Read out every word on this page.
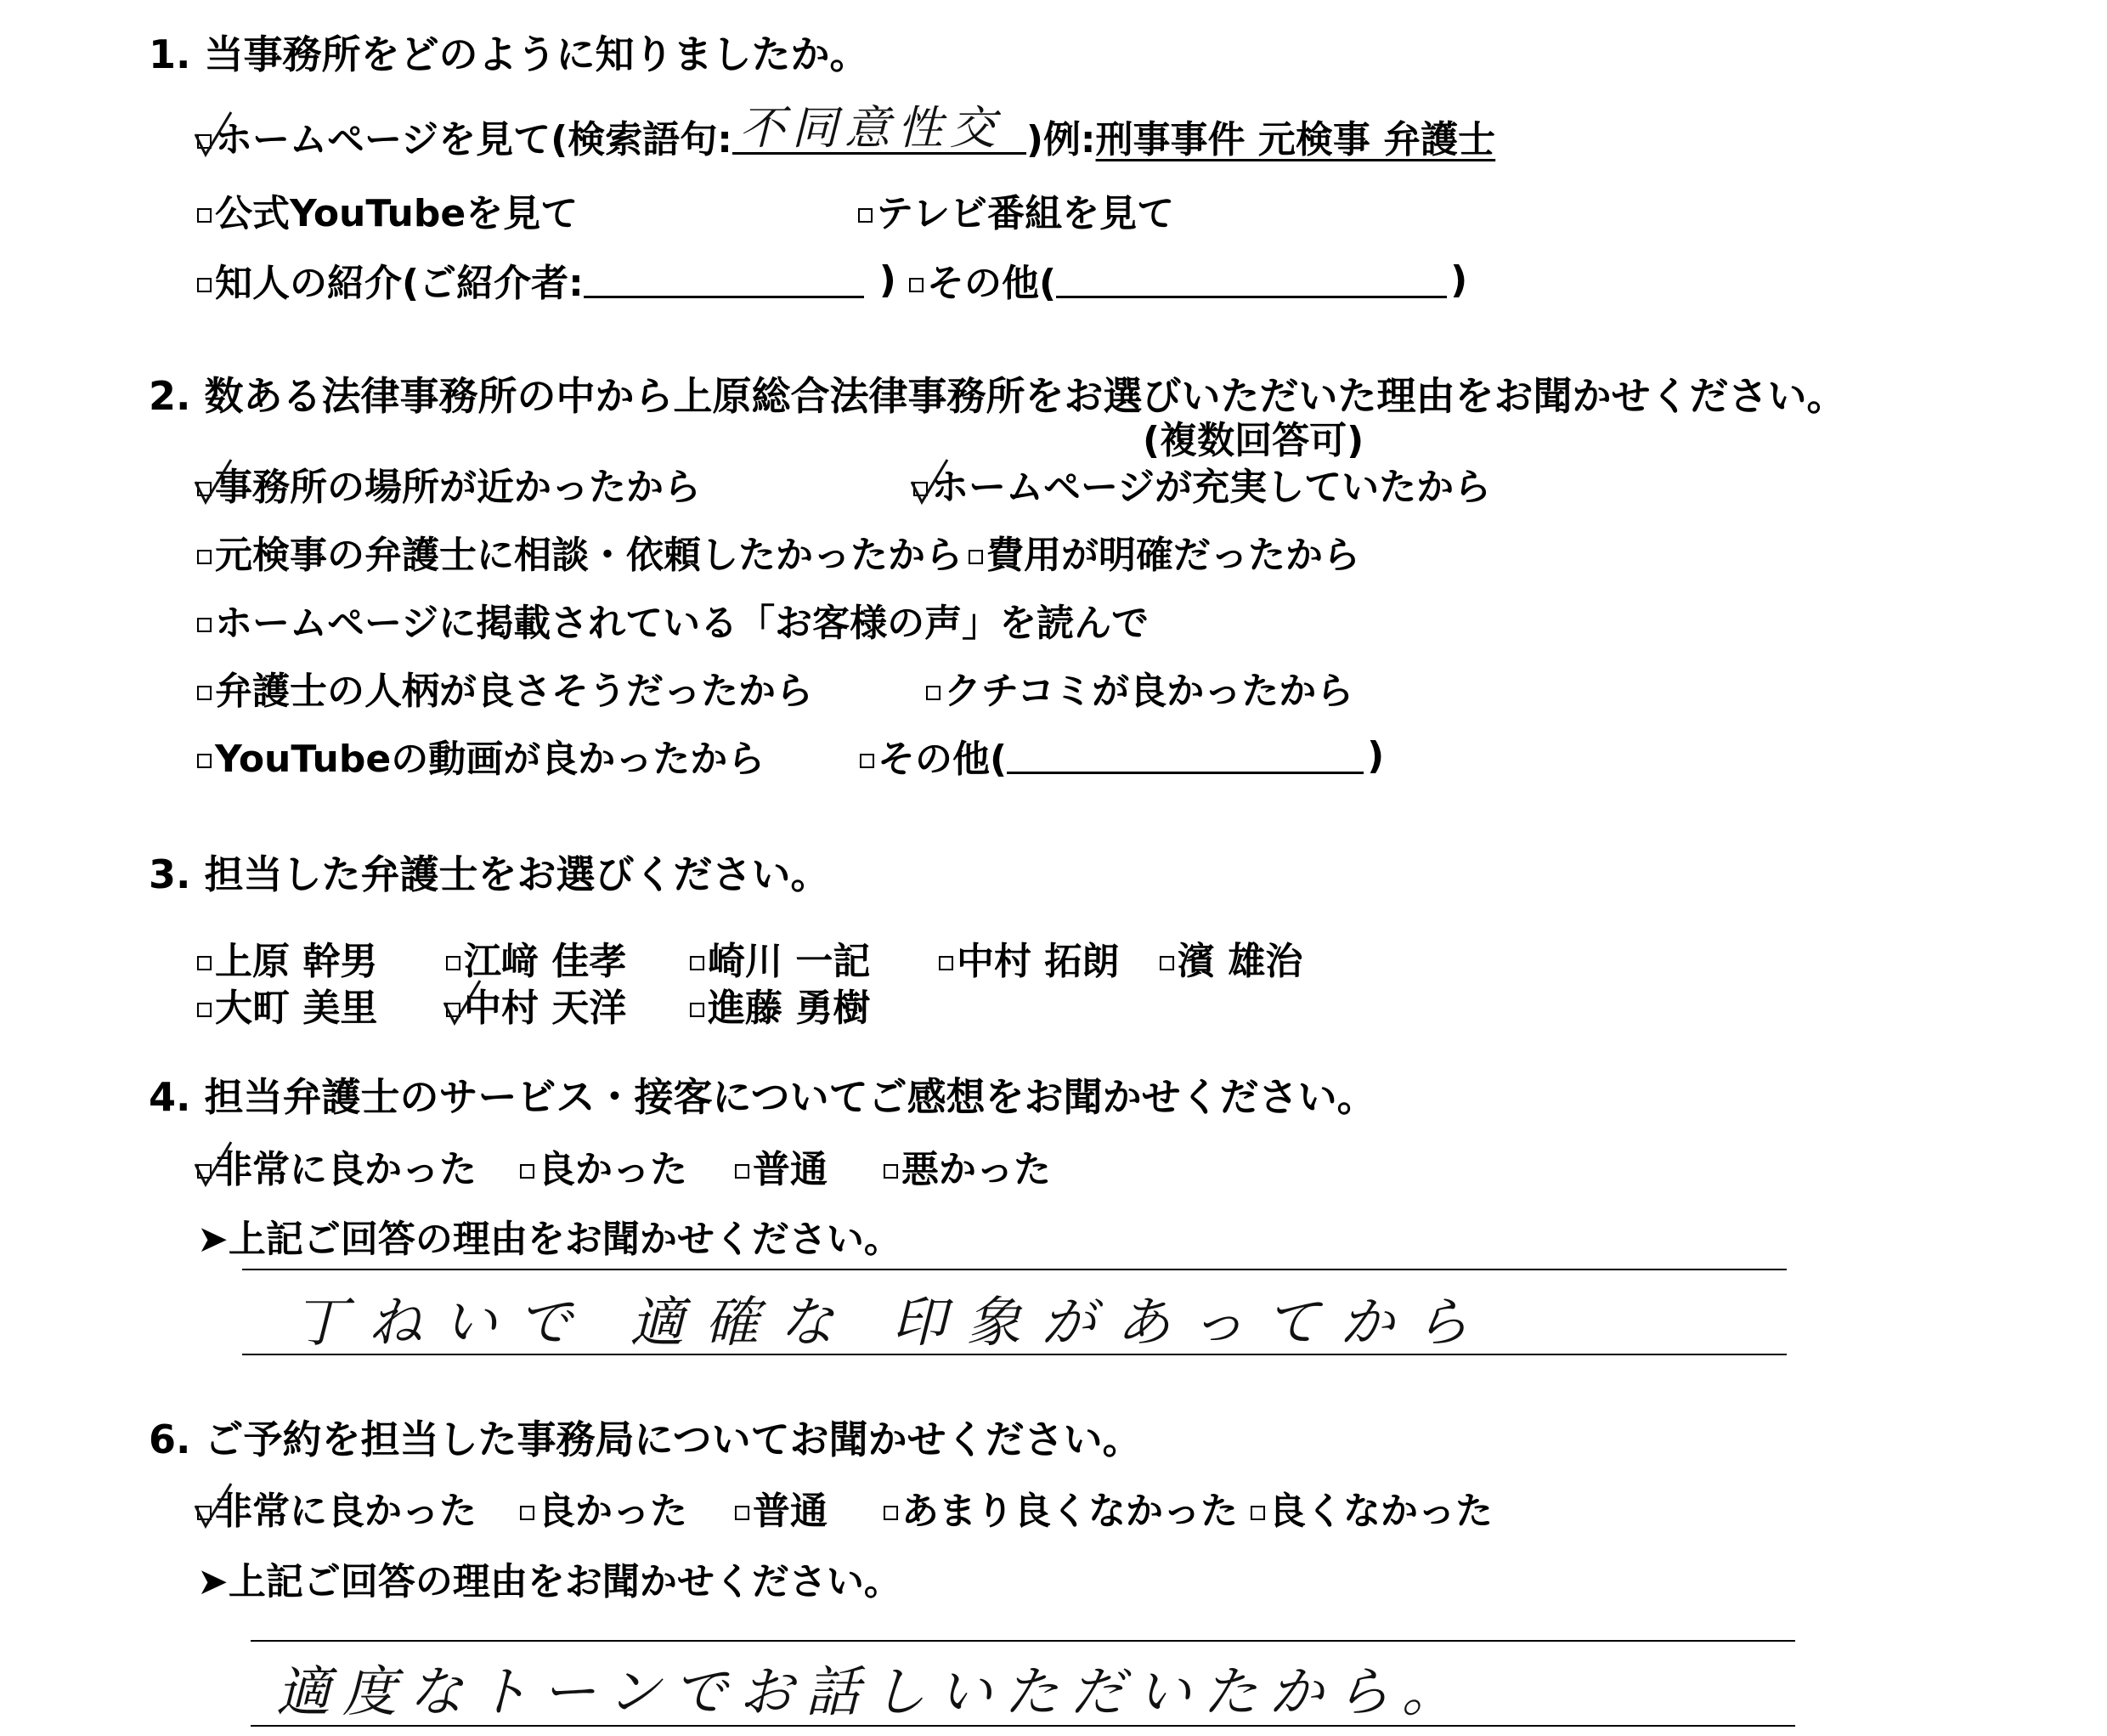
1. 当事務所をどのように知りましたか。
ホームページを見て(検索語句: 不同意性交 )例: 刑事事件 元検事 弁護士
公式YouTubeを見て	テレビ番組を見て
知人の紹介(ご紹介者:	) その他(	)
2. 数ある法律事務所の中から上原総合法律事務所をお選びいただいた理由をお聞かせください。
(複数回答可)
事務所の場所が近かったから	ホームページが充実していたから
元検事の弁護士に相談・依頼したかったから 費用が明確だったから
ホームページに掲載されている「お客様の声」を読んで
弁護士の人柄が良さそうだったから	クチコミが良かったから
YouTubeの動画が良かったから	その他(	)
3. 担当した弁護士をお選びください。
上原 幹男 江﨑 佳孝 崎川 一記 中村 拓朗 濱 雄治
大町 美里 中村 天洋 進藤 勇樹
4. 担当弁護士のサービス・接客についてご感想をお聞かせください。
非常に良かった 良かった 普通 悪かった
➤上記ご回答の理由をお聞かせください。
丁ねいで 適確な 印象があってから
6. ご予約を担当した事務局についてお聞かせください。
非常に良かった 良かった 普通 あまり良くなかった 良くなかった
➤上記ご回答の理由をお聞かせください。
適度なトーンでお話しいただいたから。
